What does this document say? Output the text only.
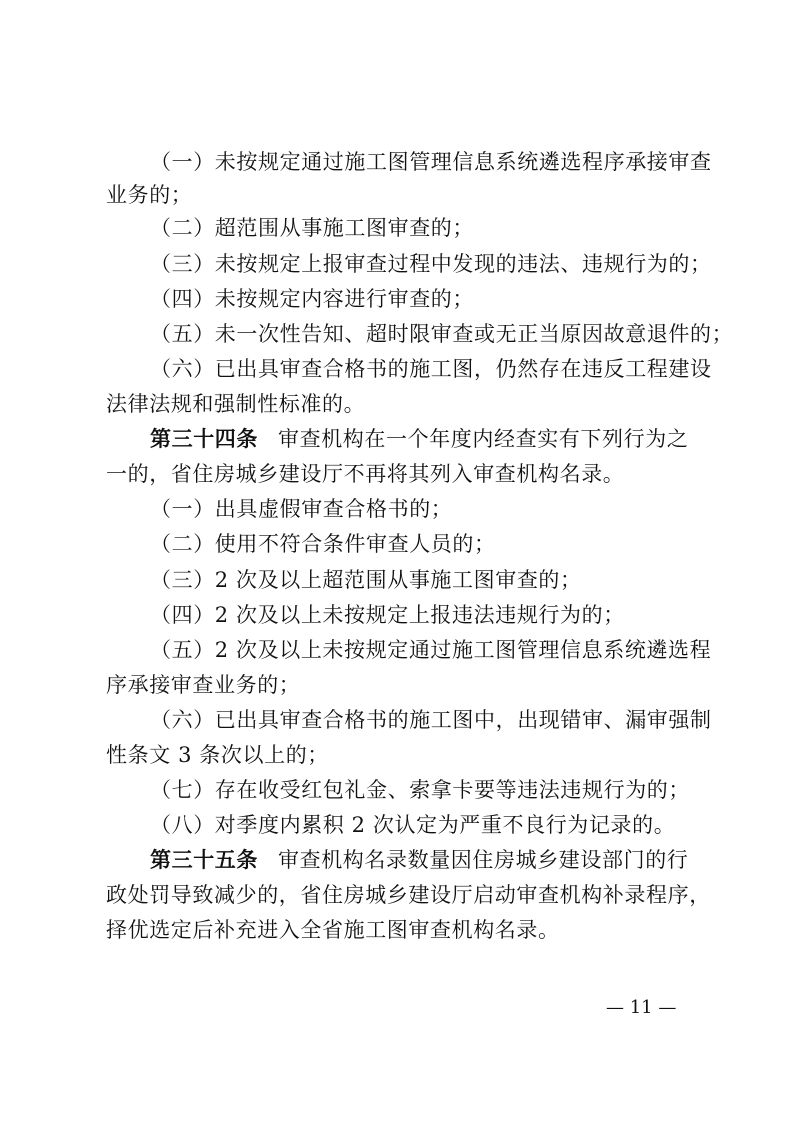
（一）未按规定通过施工图管理信息系统遴选程序承接审查
业务的；
（二）超范围从事施工图审查的；
（三）未按规定上报审查过程中发现的违法、违规行为的；
（四）未按规定内容进行审查的；
（五）未一次性告知、超时限审查或无正当原因故意退件的；
（六）已出具审查合格书的施工图，仍然存在违反工程建设
法律法规和强制性标准的。
第三十四条 审查机构在一个年度内经查实有下列行为之
一的，省住房城乡建设厅不再将其列入审查机构名录。
（一）出具虚假审查合格书的；
（二）使用不符合条件审查人员的；
（三）2 次及以上超范围从事施工图审查的；
（四）2 次及以上未按规定上报违法违规行为的；
（五）2 次及以上未按规定通过施工图管理信息系统遴选程
序承接审查业务的；
（六）已出具审查合格书的施工图中，出现错审、漏审强制
性条文 3 条次以上的；
（七）存在收受红包礼金、索拿卡要等违法违规行为的；
（八）对季度内累积 2 次认定为严重不良行为记录的。
第三十五条 审查机构名录数量因住房城乡建设部门的行
政处罚导致减少的，省住房城乡建设厅启动审查机构补录程序，
择优选定后补充进入全省施工图审查机构名录。
— 11 —
